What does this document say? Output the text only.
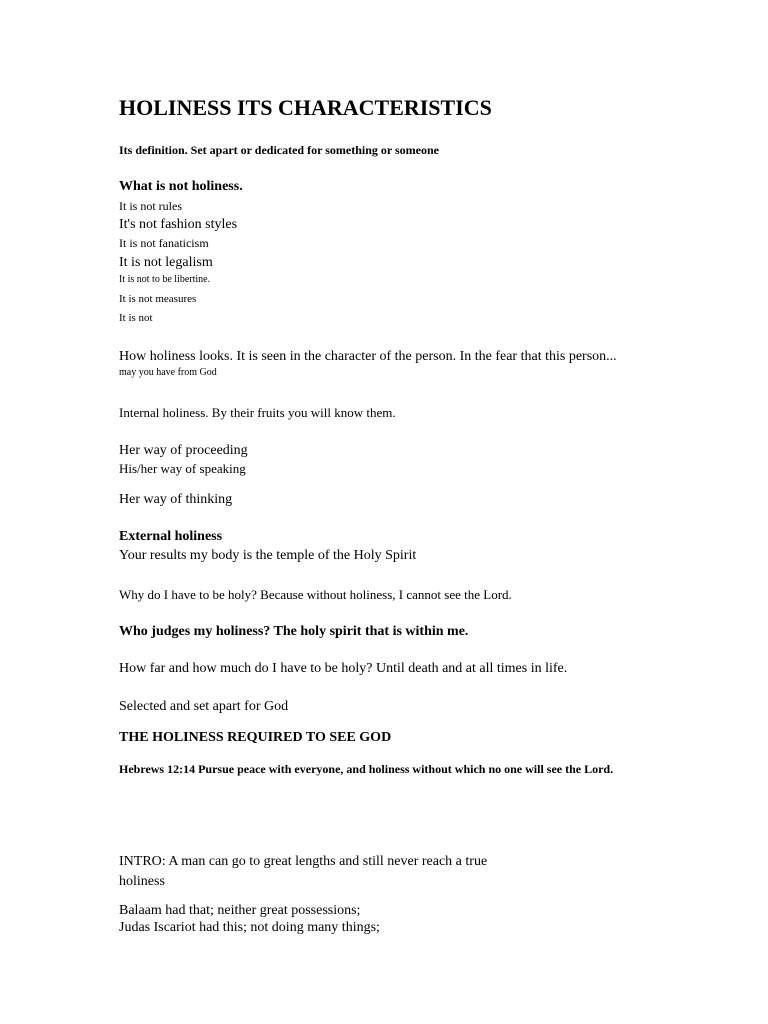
HOLINESS ITS CHARACTERISTICS
Its definition. Set apart or dedicated for something or someone
What is not holiness.
It is not rules
It's not fashion styles
It is not fanaticism
It is not legalism
It is not to be libertine.
It is not measures
It is not
How holiness looks. It is seen in the character of the person. In the fear that this person...
may you have from God
Internal holiness. By their fruits you will know them.
Her way of proceeding
His/her way of speaking
Her way of thinking
External holiness
Your results my body is the temple of the Holy Spirit
Why do I have to be holy? Because without holiness, I cannot see the Lord.
Who judges my holiness? The holy spirit that is within me.
How far and how much do I have to be holy? Until death and at all times in life.
Selected and set apart for God
THE HOLINESS REQUIRED TO SEE GOD
Hebrews 12:14 Pursue peace with everyone, and holiness without which no one will see the Lord.
INTRO: A man can go to great lengths and still never reach a true
holiness
Balaam had that; neither great possessions;
Judas Iscariot had this; not doing many things;
